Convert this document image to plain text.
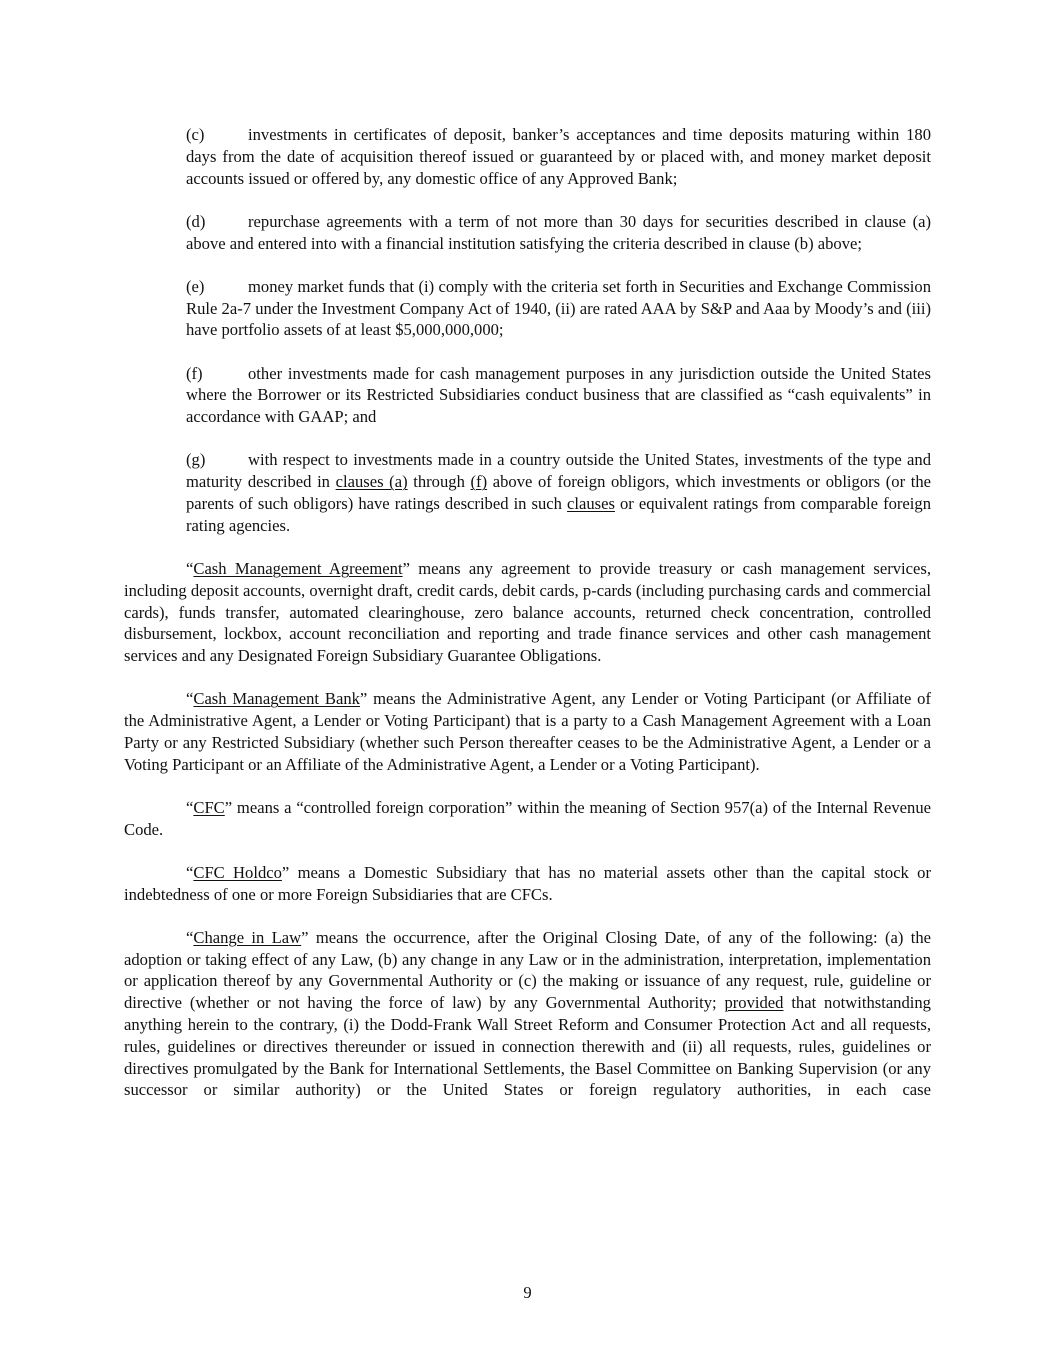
(c)	investments in certificates of deposit, banker’s acceptances and time deposits maturing within 180 days from the date of acquisition thereof issued or guaranteed by or placed with, and money market deposit accounts issued or offered by, any domestic office of any Approved Bank;

(d)	repurchase agreements with a term of not more than 30 days for securities described in clause (a) above and entered into with a financial institution satisfying the criteria described in clause (b) above;

(e)	money market funds that (i) comply with the criteria set forth in Securities and Exchange Commission Rule 2a-7 under the Investment Company Act of 1940, (ii) are rated AAA by S&P and Aaa by Moody’s and (iii) have portfolio assets of at least $5,000,000,000;

(f)	other investments made for cash management purposes in any jurisdiction outside the United States where the Borrower or its Restricted Subsidiaries conduct business that are classified as “cash equivalents” in accordance with GAAP; and

(g)	with respect to investments made in a country outside the United States, investments of the type and maturity described in clauses (a) through (f) above of foreign obligors, which investments or obligors (or the parents of such obligors) have ratings described in such clauses or equivalent ratings from comparable foreign rating agencies.

“Cash Management Agreement” means any agreement to provide treasury or cash management services, including deposit accounts, overnight draft, credit cards, debit cards, p-cards (including purchasing cards and commercial cards), funds transfer, automated clearinghouse, zero balance accounts, returned check concentration, controlled disbursement, lockbox, account reconciliation and reporting and trade finance services and other cash management services and any Designated Foreign Subsidiary Guarantee Obligations.

“Cash Management Bank” means the Administrative Agent, any Lender or Voting Participant (or Affiliate of the Administrative Agent, a Lender or Voting Participant) that is a party to a Cash Management Agreement with a Loan Party or any Restricted Subsidiary (whether such Person thereafter ceases to be the Administrative Agent, a Lender or a Voting Participant or an Affiliate of the Administrative Agent, a Lender or a Voting Participant).

“CFC” means a “controlled foreign corporation” within the meaning of Section 957(a) of the Internal Revenue Code.

“CFC Holdco” means a Domestic Subsidiary that has no material assets other than the capital stock or indebtedness of one or more Foreign Subsidiaries that are CFCs.

“Change in Law” means the occurrence, after the Original Closing Date, of any of the following: (a) the adoption or taking effect of any Law, (b) any change in any Law or in the administration, interpretation, implementation or application thereof by any Governmental Authority or (c) the making or issuance of any request, rule, guideline or directive (whether or not having the force of law) by any Governmental Authority; provided that notwithstanding anything herein to the contrary, (i) the Dodd-Frank Wall Street Reform and Consumer Protection Act and all requests, rules, guidelines or directives thereunder or issued in connection therewith and (ii) all requests, rules, guidelines or directives promulgated by the Bank for International Settlements, the Basel Committee on Banking Supervision (or any successor or similar authority) or the United States or foreign regulatory authorities, in each case

9
